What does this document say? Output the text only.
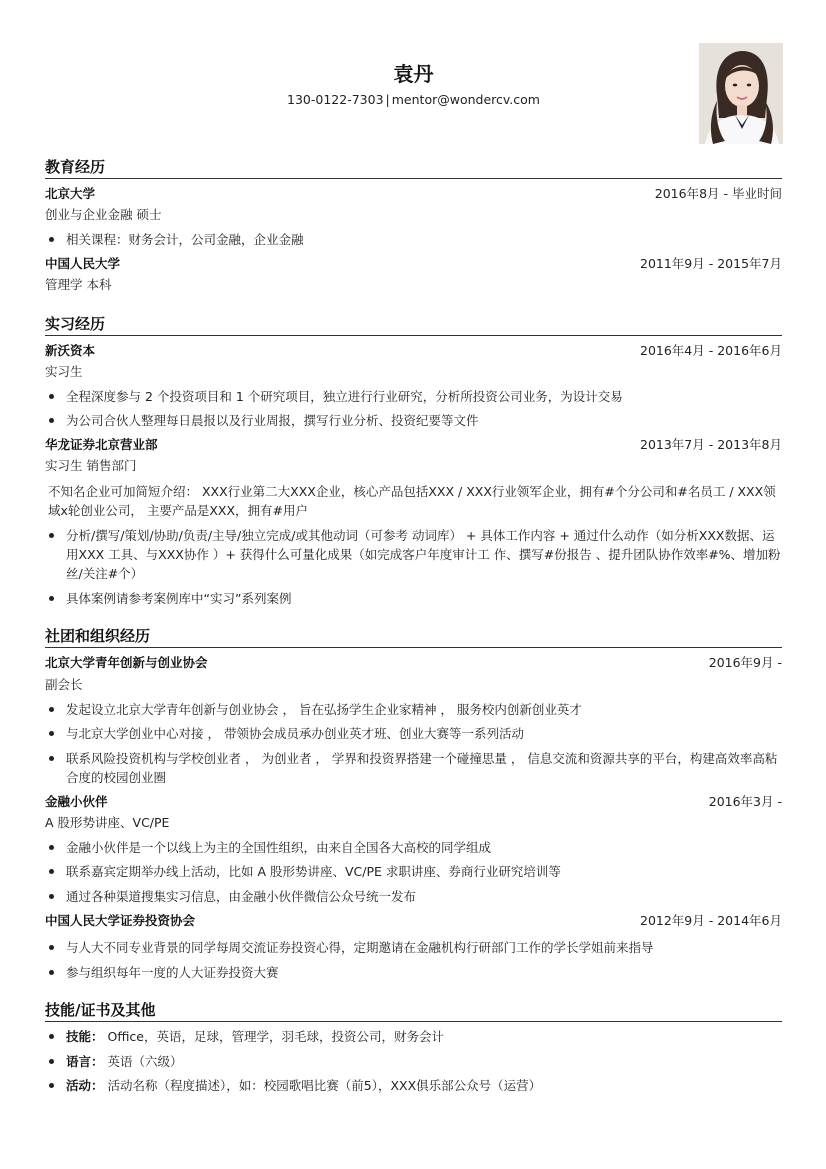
袁丹
130-0122-7303 | mentor@wondercv.com
教育经历
北京大学	2016年8月 - 毕业时间
创业与企业金融 硕士
相关课程：财务会计，公司金融，企业金融
中国人民大学	2011年9月 - 2015年7月
管理学 本科
实习经历
新沃资本	2016年4月 - 2016年6月
实习生
全程深度参与 2 个投资项目和 1 个研究项目，独立进行行业研究，分析所投资公司业务，为设计交易
为公司合伙人整理每日晨报以及行业周报，撰写行业分析、投资纪要等文件
华龙证券北京营业部	2013年7月 - 2013年8月
实习生 销售部门
不知名企业可加简短介绍： XXX行业第二大XXX企业，核心产品包括XXX / XXX行业领军企业，拥有#个分公司和#名员工 / XXX领域x轮创业公司， 主要产品是XXX，拥有#用户
分析/撰写/策划/协助/负责/主导/独立完成/或其他动词（可参考 动词库） + 具体工作内容 + 通过什么动作（如分析XXX数据、运用XXX 工具、与XXX协作 ）+ 获得什么可量化成果（如完成客户年度审计工 作、撰写#份报告 、提升团队协作效率#%、增加粉丝/关注#个）
具体案例请参考案例库中“实习”系列案例
社团和组织经历
北京大学青年创新与创业协会	2016年9月 -
副会长
发起设立北京大学青年创新与创业协会 ， 旨在弘扬学生企业家精神 ， 服务校内创新创业英才
与北京大学创业中心对接 ， 带领协会成员承办创业英才班、创业大赛等一系列活动
联系风险投资机构与学校创业者 ， 为创业者 ， 学界和投资界搭建一个碰撞思量 ， 信息交流和资源共享的平台，构建高效率高粘合度的校园创业圈
金融小伙伴	2016年3月 -
A 股形势讲座、VC/PE
金融小伙伴是一个以线上为主的全国性组织，由来自全国各大高校的同学组成
联系嘉宾定期举办线上活动，比如 A 股形势讲座、VC/PE 求职讲座、券商行业研究培训等
通过各种渠道搜集实习信息，由金融小伙伴微信公众号统一发布
中国人民大学证券投资协会	2012年9月 - 2014年6月
与人大不同专业背景的同学每周交流证券投资心得，定期邀请在金融机构行研部门工作的学长学姐前来指导
参与组织每年一度的人大证券投资大赛
技能/证书及其他
技能： Office，英语，足球，管理学，羽毛球，投资公司，财务会计
语言： 英语（六级）
活动： 活动名称（程度描述），如：校园歌唱比赛（前5），XXX俱乐部公众号（运营）
